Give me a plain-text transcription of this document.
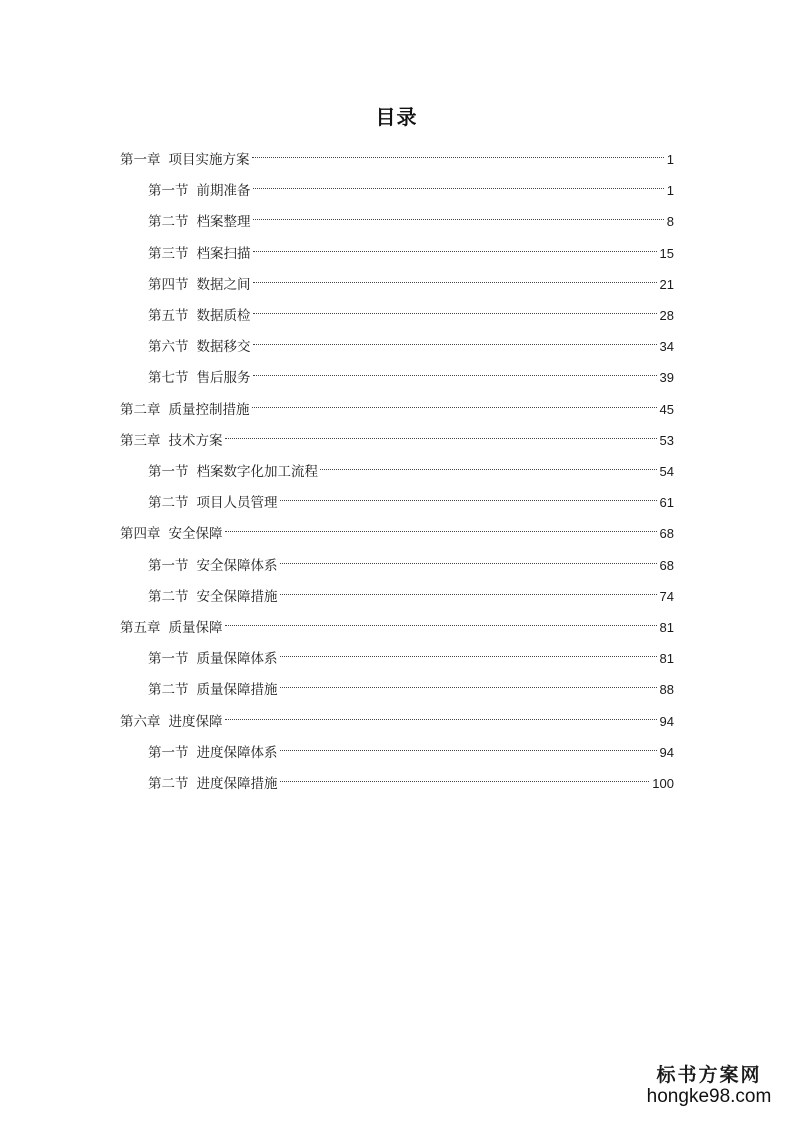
目录
第一章 项目实施方案	1
第一节 前期准备	1
第二节 档案整理	8
第三节 档案扫描	15
第四节 数据之间	21
第五节 数据质检	28
第六节 数据移交	34
第七节 售后服务	39
第二章 质量控制措施	45
第三章 技术方案	53
第一节 档案数字化加工流程	54
第二节 项目人员管理	61
第四章 安全保障	68
第一节 安全保障体系	68
第二节 安全保障措施	74
第五章 质量保障	81
第一节 质量保障体系	81
第二节 质量保障措施	88
第六章 进度保障	94
第一节 进度保障体系	94
第二节 进度保障措施	100
标书方案网
hongke98.com
